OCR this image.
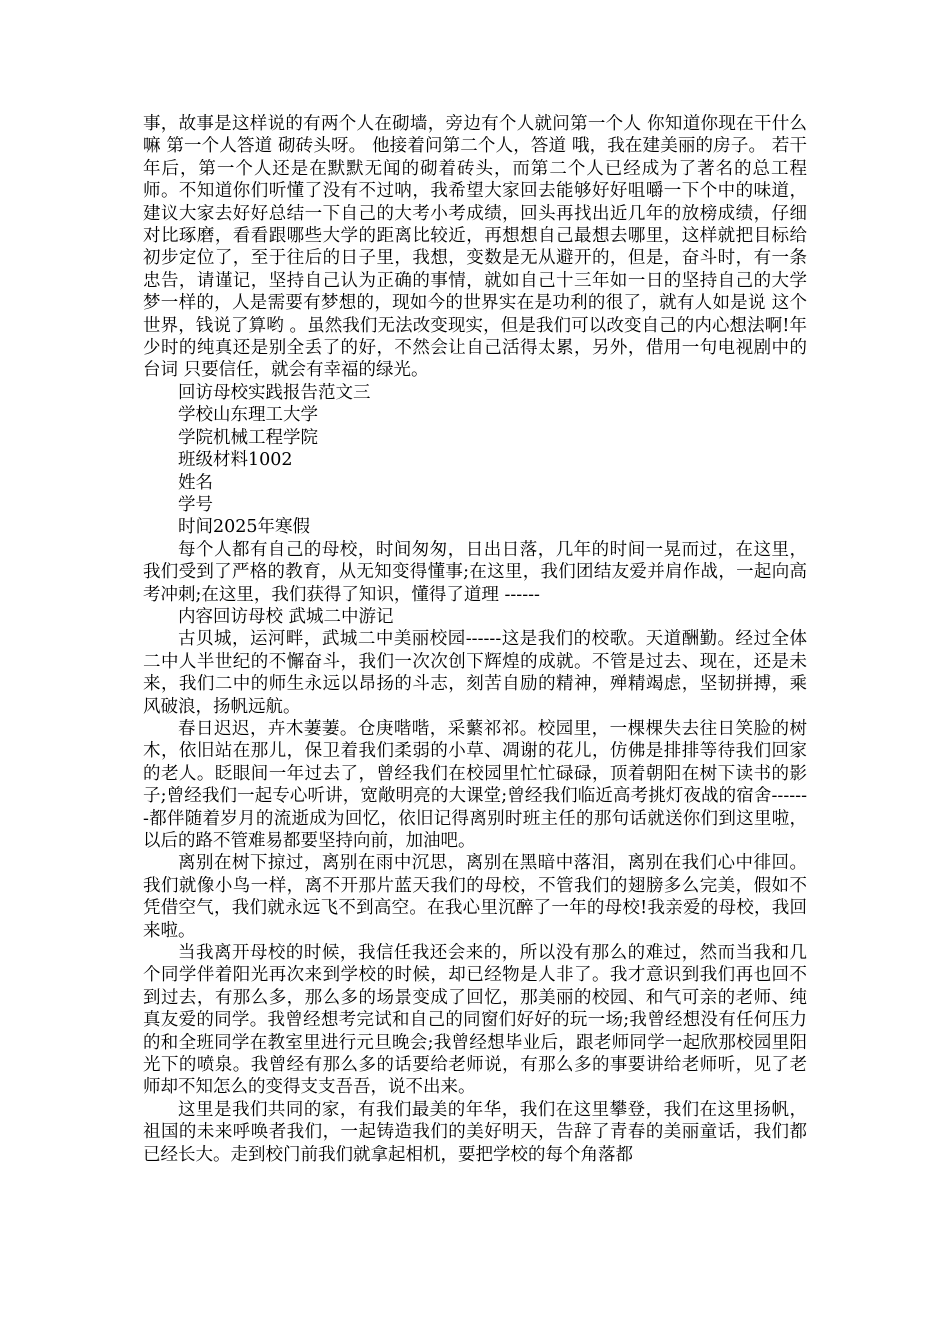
事，故事是这样说的有两个人在砌墙，旁边有个人就问第一个人 你知道你现在干什么嘛 第一个人答道 砌砖头呀。 他接着问第二个人，答道 哦，我在建美丽的房子。 若干年后，第一个人还是在默默无闻的砌着砖头，而第二个人已经成为了著名的总工程师。不知道你们听懂了没有不过呐，我希望大家回去能够好好咀嚼一下个中的味道，建议大家去好好总结一下自己的大考小考成绩，回头再找出近几年的放榜成绩，仔细对比琢磨，看看跟哪些大学的距离比较近，再想想自己最想去哪里，这样就把目标给初步定位了，至于往后的日子里，我想，变数是无从避开的，但是，奋斗时，有一条忠告，请谨记，坚持自己认为正确的事情，就如自己十三年如一日的坚持自己的大学梦一样的，人是需要有梦想的，现如今的世界实在是功利的很了，就有人如是说 这个世界，钱说了算哟 。虽然我们无法改变现实，但是我们可以改变自己的内心想法啊!年少时的纯真还是别全丢了的好，不然会让自己活得太累，另外，借用一句电视剧中的台词 只要信任，就会有幸福的绿光。

回访母校实践报告范文三

学校山东理工大学

学院机械工程学院

班级材料1002

姓名

学号

时间2025年寒假

每个人都有自己的母校，时间匆匆，日出日落，几年的时间一晃而过，在这里，我们受到了严格的教育，从无知变得懂事;在这里，我们团结友爱并肩作战，一起向高考冲刺;在这里，我们获得了知识，懂得了道理 ------

内容回访母校 武城二中游记

古贝城，运河畔，武城二中美丽校园------这是我们的校歌。天道酬勤。经过全体二中人半世纪的不懈奋斗，我们一次次创下辉煌的成就。不管是过去、现在，还是未来，我们二中的师生永远以昂扬的斗志，刻苦自励的精神，殚精竭虑，坚韧拼搏，乘风破浪，扬帆远航。

春日迟迟，卉木萋萋。仓庚喈喈，采蘩祁祁。校园里，一棵棵失去往日笑脸的树木，依旧站在那儿，保卫着我们柔弱的小草、凋谢的花儿，仿佛是排排等待我们回家的老人。眨眼间一年过去了，曾经我们在校园里忙忙碌碌，顶着朝阳在树下读书的影子;曾经我们一起专心听讲，宽敞明亮的大课堂;曾经我们临近高考挑灯夜战的宿舍-------都伴随着岁月的流逝成为回忆，依旧记得离别时班主任的那句话就送你们到这里啦，以后的路不管难易都要坚持向前，加油吧。

离别在树下掠过，离别在雨中沉思，离别在黑暗中落泪，离别在我们心中徘回。我们就像小鸟一样，离不开那片蓝天我们的母校，不管我们的翅膀多么完美，假如不凭借空气，我们就永远飞不到高空。在我心里沉醉了一年的母校!我亲爱的母校，我回来啦。

当我离开母校的时候，我信任我还会来的，所以没有那么的难过，然而当我和几个同学伴着阳光再次来到学校的时候，却已经物是人非了。我才意识到我们再也回不到过去，有那么多，那么多的场景变成了回忆，那美丽的校园、和气可亲的老师、纯真友爱的同学。我曾经想考完试和自己的同窗们好好的玩一场;我曾经想没有任何压力的和全班同学在教室里进行元旦晚会;我曾经想毕业后，跟老师同学一起欣那校园里阳光下的喷泉。我曾经有那么多的话要给老师说，有那么多的事要讲给老师听，见了老师却不知怎么的变得支支吾吾，说不出来。

这里是我们共同的家，有我们最美的年华，我们在这里攀登，我们在这里扬帆，祖国的未来呼唤者我们，一起铸造我们的美好明天，告辞了青春的美丽童话，我们都已经长大。走到校门前我们就拿起相机，要把学校的每个角落都
